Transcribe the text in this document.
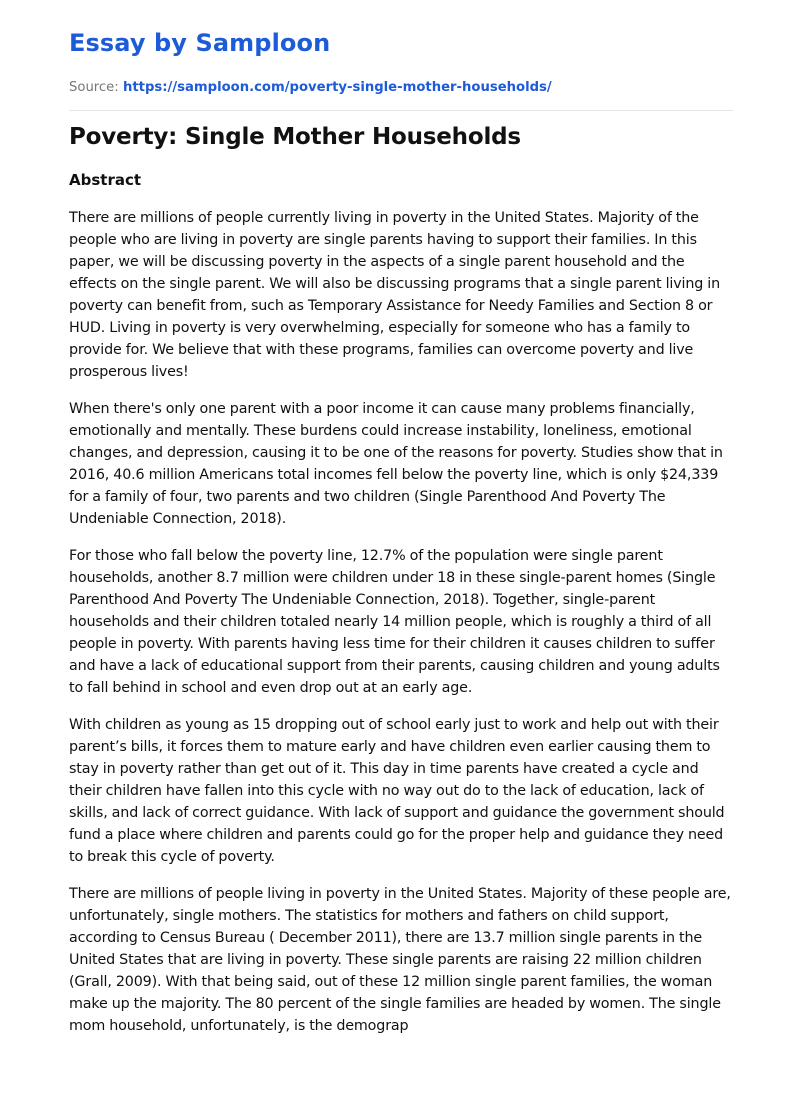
Essay by Samploon
Source: https://samploon.com/poverty-single-mother-households/
Poverty: Single Mother Households
Abstract

There are millions of people currently living in poverty in the United States. Majority of the people who are living in poverty are single parents having to support their families. In this paper, we will be discussing poverty in the aspects of a single parent household and the effects on the single parent. We will also be discussing programs that a single parent living in poverty can benefit from, such as Temporary Assistance for Needy Families and Section 8 or HUD. Living in poverty is very overwhelming, especially for someone who has a family to provide for. We believe that with these programs, families can overcome poverty and live prosperous lives!

When there's only one parent with a poor income it can cause many problems financially, emotionally and mentally. These burdens could increase instability, loneliness, emotional changes, and depression, causing it to be one of the reasons for poverty. Studies show that in 2016, 40.6 million Americans total incomes fell below the poverty line, which is only $24,339 for a family of four, two parents and two children (Single Parenthood And Poverty The Undeniable Connection, 2018).

For those who fall below the poverty line, 12.7% of the population were single parent households, another 8.7 million were children under 18 in these single-parent homes (Single Parenthood And Poverty The Undeniable Connection, 2018). Together, single-parent households and their children totaled nearly 14 million people, which is roughly a third of all people in poverty. With parents having less time for their children it causes children to suffer and have a lack of educational support from their parents, causing children and young adults to fall behind in school and even drop out at an early age.

With children as young as 15 dropping out of school early just to work and help out with their parent’s bills, it forces them to mature early and have children even earlier causing them to stay in poverty rather than get out of it. This day in time parents have created a cycle and their children have fallen into this cycle with no way out do to the lack of education, lack of skills, and lack of correct guidance. With lack of support and guidance the government should fund a place where children and parents could go for the proper help and guidance they need to break this cycle of poverty.

There are millions of people living in poverty in the United States. Majority of these people are, unfortunately, single mothers. The statistics for mothers and fathers on child support, according to Census Bureau ( December 2011), there are 13.7 million single parents in the United States that are living in poverty. These single parents are raising 22 million children (Grall, 2009). With that being said, out of these 12 million single parent families, the woman make up the majority. The 80 percent of the single families are headed by women. The single mom household, unfortunately, is the demograp
